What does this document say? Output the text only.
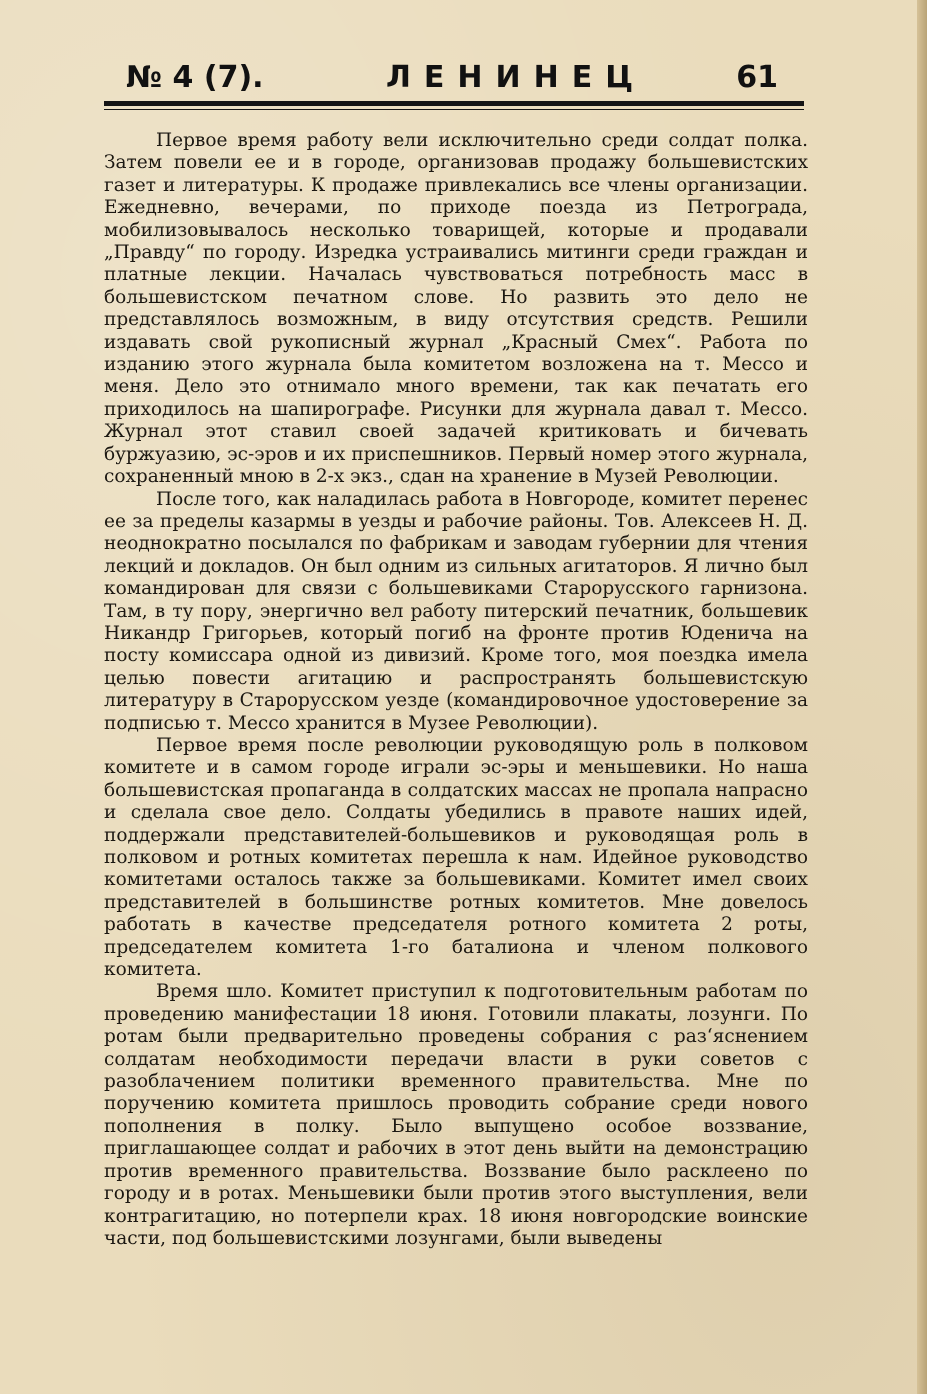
№ 4 (7).	ЛЕНИНЕЦ	61

Первое время работу вели исключительно среди солдат полка. Затем повели ее и в городе, организовав продажу большевистских газет и литературы. К продаже привлекались все члены организации. Ежедневно, вечерами, по приходе поезда из Петрограда, мобилизовывалось несколько товарищей, которые и продавали „Правду“ по городу. Изредка устраивались митинги среди граждан и платные лекции. Началась чувствоваться потребность масс в большевистском печатном слове. Но развить это дело не представлялось возможным, в виду отсутствия средств. Решили издавать свой рукописный журнал „Красный Смех“. Работа по изданию этого журнала была комитетом возложена на т. Мессо и меня. Дело это отнимало много времени, так как печатать его приходилось на шапирографе. Рисунки для журнала давал т. Мессо. Журнал этот ставил своей задачей критиковать и бичевать буржуазию, эс-эров и их приспешников. Первый номер этого журнала, сохраненный мною в 2-х экз., сдан на хранение в Музей Революции.

После того, как наладилась работа в Новгороде, комитет перенес ее за пределы казармы в уезды и рабочие районы. Тов. Алексеев Н. Д. неоднократно посылался по фабрикам и заводам губернии для чтения лекций и докладов. Он был одним из сильных агитаторов. Я лично был командирован для связи с большевиками Старорусского гарнизона. Там, в ту пору, энергично вел работу питерский печатник, большевик Никандр Григорьев, который погиб на фронте против Юденича на посту комиссара одной из дивизий. Кроме того, моя поездка имела целью повести агитацию и распространять большевистскую литературу в Старорусском уезде (командировочное удостоверение за подписью т. Мессо хранится в Музее Революции).

Первое время после революции руководящую роль в полковом комитете и в самом городе играли эс-эры и меньшевики. Но наша большевистская пропаганда в солдатских массах не пропала напрасно и сделала свое дело. Солдаты убедились в правоте наших идей, поддержали представителей-большевиков и руководящая роль в полковом и ротных комитетах перешла к нам. Идейное руководство комитетами осталось также за большевиками. Комитет имел своих представителей в большинстве ротных комитетов. Мне довелось работать в качестве председателя ротного комитета 2 роты, председателем комитета 1-го баталиона и членом полкового комитета.

Время шло. Комитет приступил к подготовительным работам по проведению манифестации 18 июня. Готовили плакаты, лозунги. По ротам были предварительно проведены собрания с раз‘яснением солдатам необходимости передачи власти в руки советов с разоблачением политики временного правительства. Мне по поручению комитета пришлось проводить собрание среди нового пополнения в полку. Было выпущено особое воззвание, приглашающее солдат и рабочих в этот день выйти на демонстрацию против временного правительства. Воззвание было расклеено по городу и в ротах. Меньшевики были против этого выступления, вели контрагитацию, но потерпели крах. 18 июня новгородские воинские части, под большевистскими лозунгами, были выведены
